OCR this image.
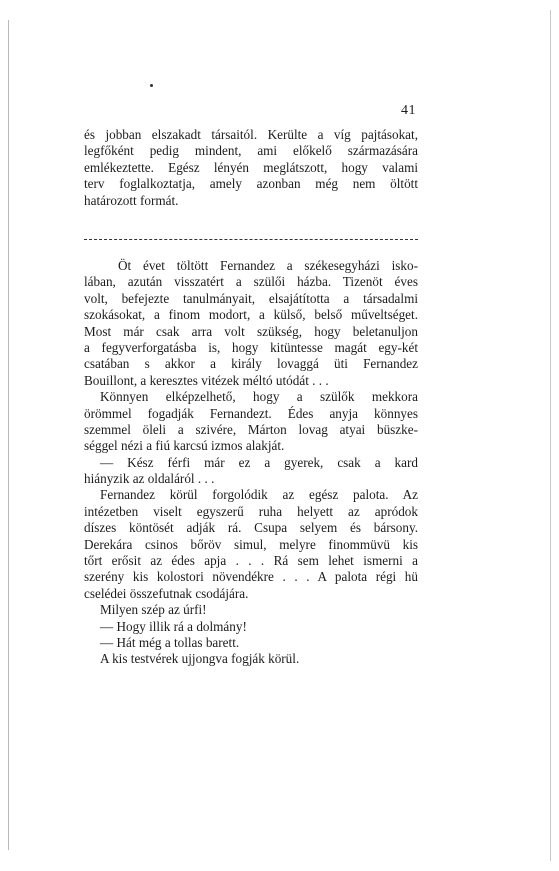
41
és jobban elszakadt társaitól. Kerülte a víg pajtásokat,
legfőként pedig mindent, ami előkelő származására
emlékeztette. Egész lényén meglátszott, hogy valami
terv foglalkoztatja, amely azonban még nem öltött
határozott formát.
Öt évet töltött Fernandez a székesegyházi isko-
lában, azután visszatért a szülői házba. Tizenöt éves
volt, befejezte tanulmányait, elsajátította a társadalmi
szokásokat, a finom modort, a külső, belső műveltséget.
Most már csak arra volt szükség, hogy beletanuljon
a fegyverforgatásba is, hogy kitüntesse magát egy-két
csatában s akkor a király lovaggá üti Fernandez
Bouillont, a keresztes vitézek méltó utódát . . .
Könnyen elképzelhető, hogy a szülők mekkora
örömmel fogadják Fernandezt. Édes anyja könnyes
szemmel öleli a szivére, Márton lovag atyai büszke-
séggel nézi a fiú karcsú izmos alakját.
— Kész férfi már ez a gyerek, csak a kard
hiányzik az oldaláról . . .
Fernandez körül forgolódik az egész palota. Az
intézetben viselt egyszerű ruha helyett az apródok
díszes köntösét adják rá. Csupa selyem és bársony.
Derekára csinos bőröv simul, melyre finommüvü kis
tőrt erősit az édes apja . . . Rá sem lehet ismerni a
szerény kis kolostori növendékre . . . A palota régi hü
cselédei összefutnak csodájára.
Milyen szép az úrfi!
— Hogy illik rá a dolmány!
— Hát még a tollas barett.
A kis testvérek ujjongva fogják körül.
